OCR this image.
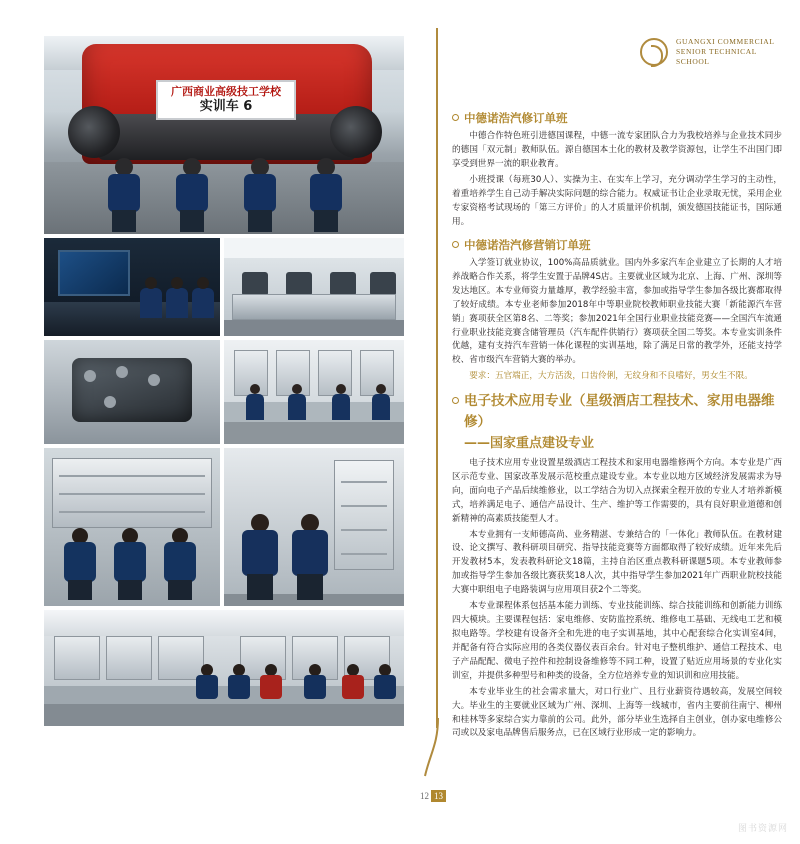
广西商业高级技工学校
实训车 6
GUANGXI COMMERCIAL
SENIOR TECHNICAL SCHOOL
中德诺浩汽修订单班

中德合作特色班引进德国课程，中德一流专家团队合力为我校培养与企业技术同步的德国「双元制」教师队伍。源自德国本土化的教材及教学资源包，让学生不出国门即享受到世界一流的职业教育。

小班授课（每班30人）、实操为主、在实车上学习，充分调动学生学习的主动性，着重培养学生自己动手解决实际问题的综合能力。权威证书让企业录取无忧，采用企业专家资格考试现场的「第三方评价」的人才质量评价机制，颁发德国技能证书，国际通用。

中德诺浩汽修营销订单班

入学签订就业协议，100%高品质就业。国内外多家汽车企业建立了长期的人才培养战略合作关系，将学生安置于品牌4S店。主要就业区域为北京、上海、广州、深圳等发达地区。本专业师资力量雄厚，教学经验丰富，参加或指导学生参加各级比赛都取得了较好成绩。本专业老师参加2018年中等职业院校教师职业技能大赛「新能源汽车营销」赛项获全区第8名、二等奖；参加2021年全国行业职业技能竞赛——全国汽车流通行业职业技能竞赛含储管理员（汽车配件供销行）赛项获全国二等奖。本专业实训条件优越，建有支持汽车营销一体化课程的实训基地，除了满足日常的教学外，还能支持学校、省市级汽车营销大赛的举办。

要求：五官端正，大方活泼，口齿伶俐，无纹身和不良嗜好，男女生不限。

电子技术应用专业（星级酒店工程技术、家用电器维修）
——国家重点建设专业

电子技术应用专业设置星级酒店工程技术和家用电器维修两个方向。本专业是广西区示范专业、国家改革发展示范校重点建设专业。本专业以地方区域经济发展需求为导向，面向电子产品后续维修业，以工学结合为切入点探索全程开放的专业人才培养新模式，培养满足电子、通信产品设计、生产、维护等工作需要的，具有良好职业道德和创新精神的高素质技能型人才。

本专业拥有一支师德高尚、业务精湛、专兼结合的「一体化」教师队伍。在教材建设、论文撰写、教科研项目研究、指导技能竞赛等方面都取得了较好成绩。近年来先后开发教材5本，发表教科研论文18篇，主持自治区重点教科研课题5项。本专业教师参加或指导学生参加各级比赛获奖18人次，其中指导学生参加2021年广西职业院校技能大赛中职组电子电路装调与应用项目获2个二等奖。

本专业课程体系包括基本能力训练、专业技能训练、综合技能训练和创新能力训练四大模块。主要课程包括：家电维修、安防监控系统、维修电工基础、无线电工艺和模拟电路等。学校建有设备齐全和先进的电子实训基地，其中心配套综合化实训室4间，并配备有符合实际应用的各类仪器仪表百余台。针对电子整机维护、通信工程技术、电子产品配配、微电子控件和控制设备维修等不同工种，设置了贴近应用场景的专业化实训室，并提供多种型号和种类的设备，全方位培养专业的知识训和应用技能。

本专业毕业生的社会需求量大，对口行业广、且行业薪资待遇较高，发展空间较大。毕业生的主要就业区域为广州、深圳、上海等一线城市，省内主要前往南宁、柳州和桂林等多家综合实力靠前的公司。此外，部分毕业生选择自主创业，创办家电维修公司或以及家电品牌售后服务点，已在区域行业形成一定的影响力。

12 13
图书资源网
